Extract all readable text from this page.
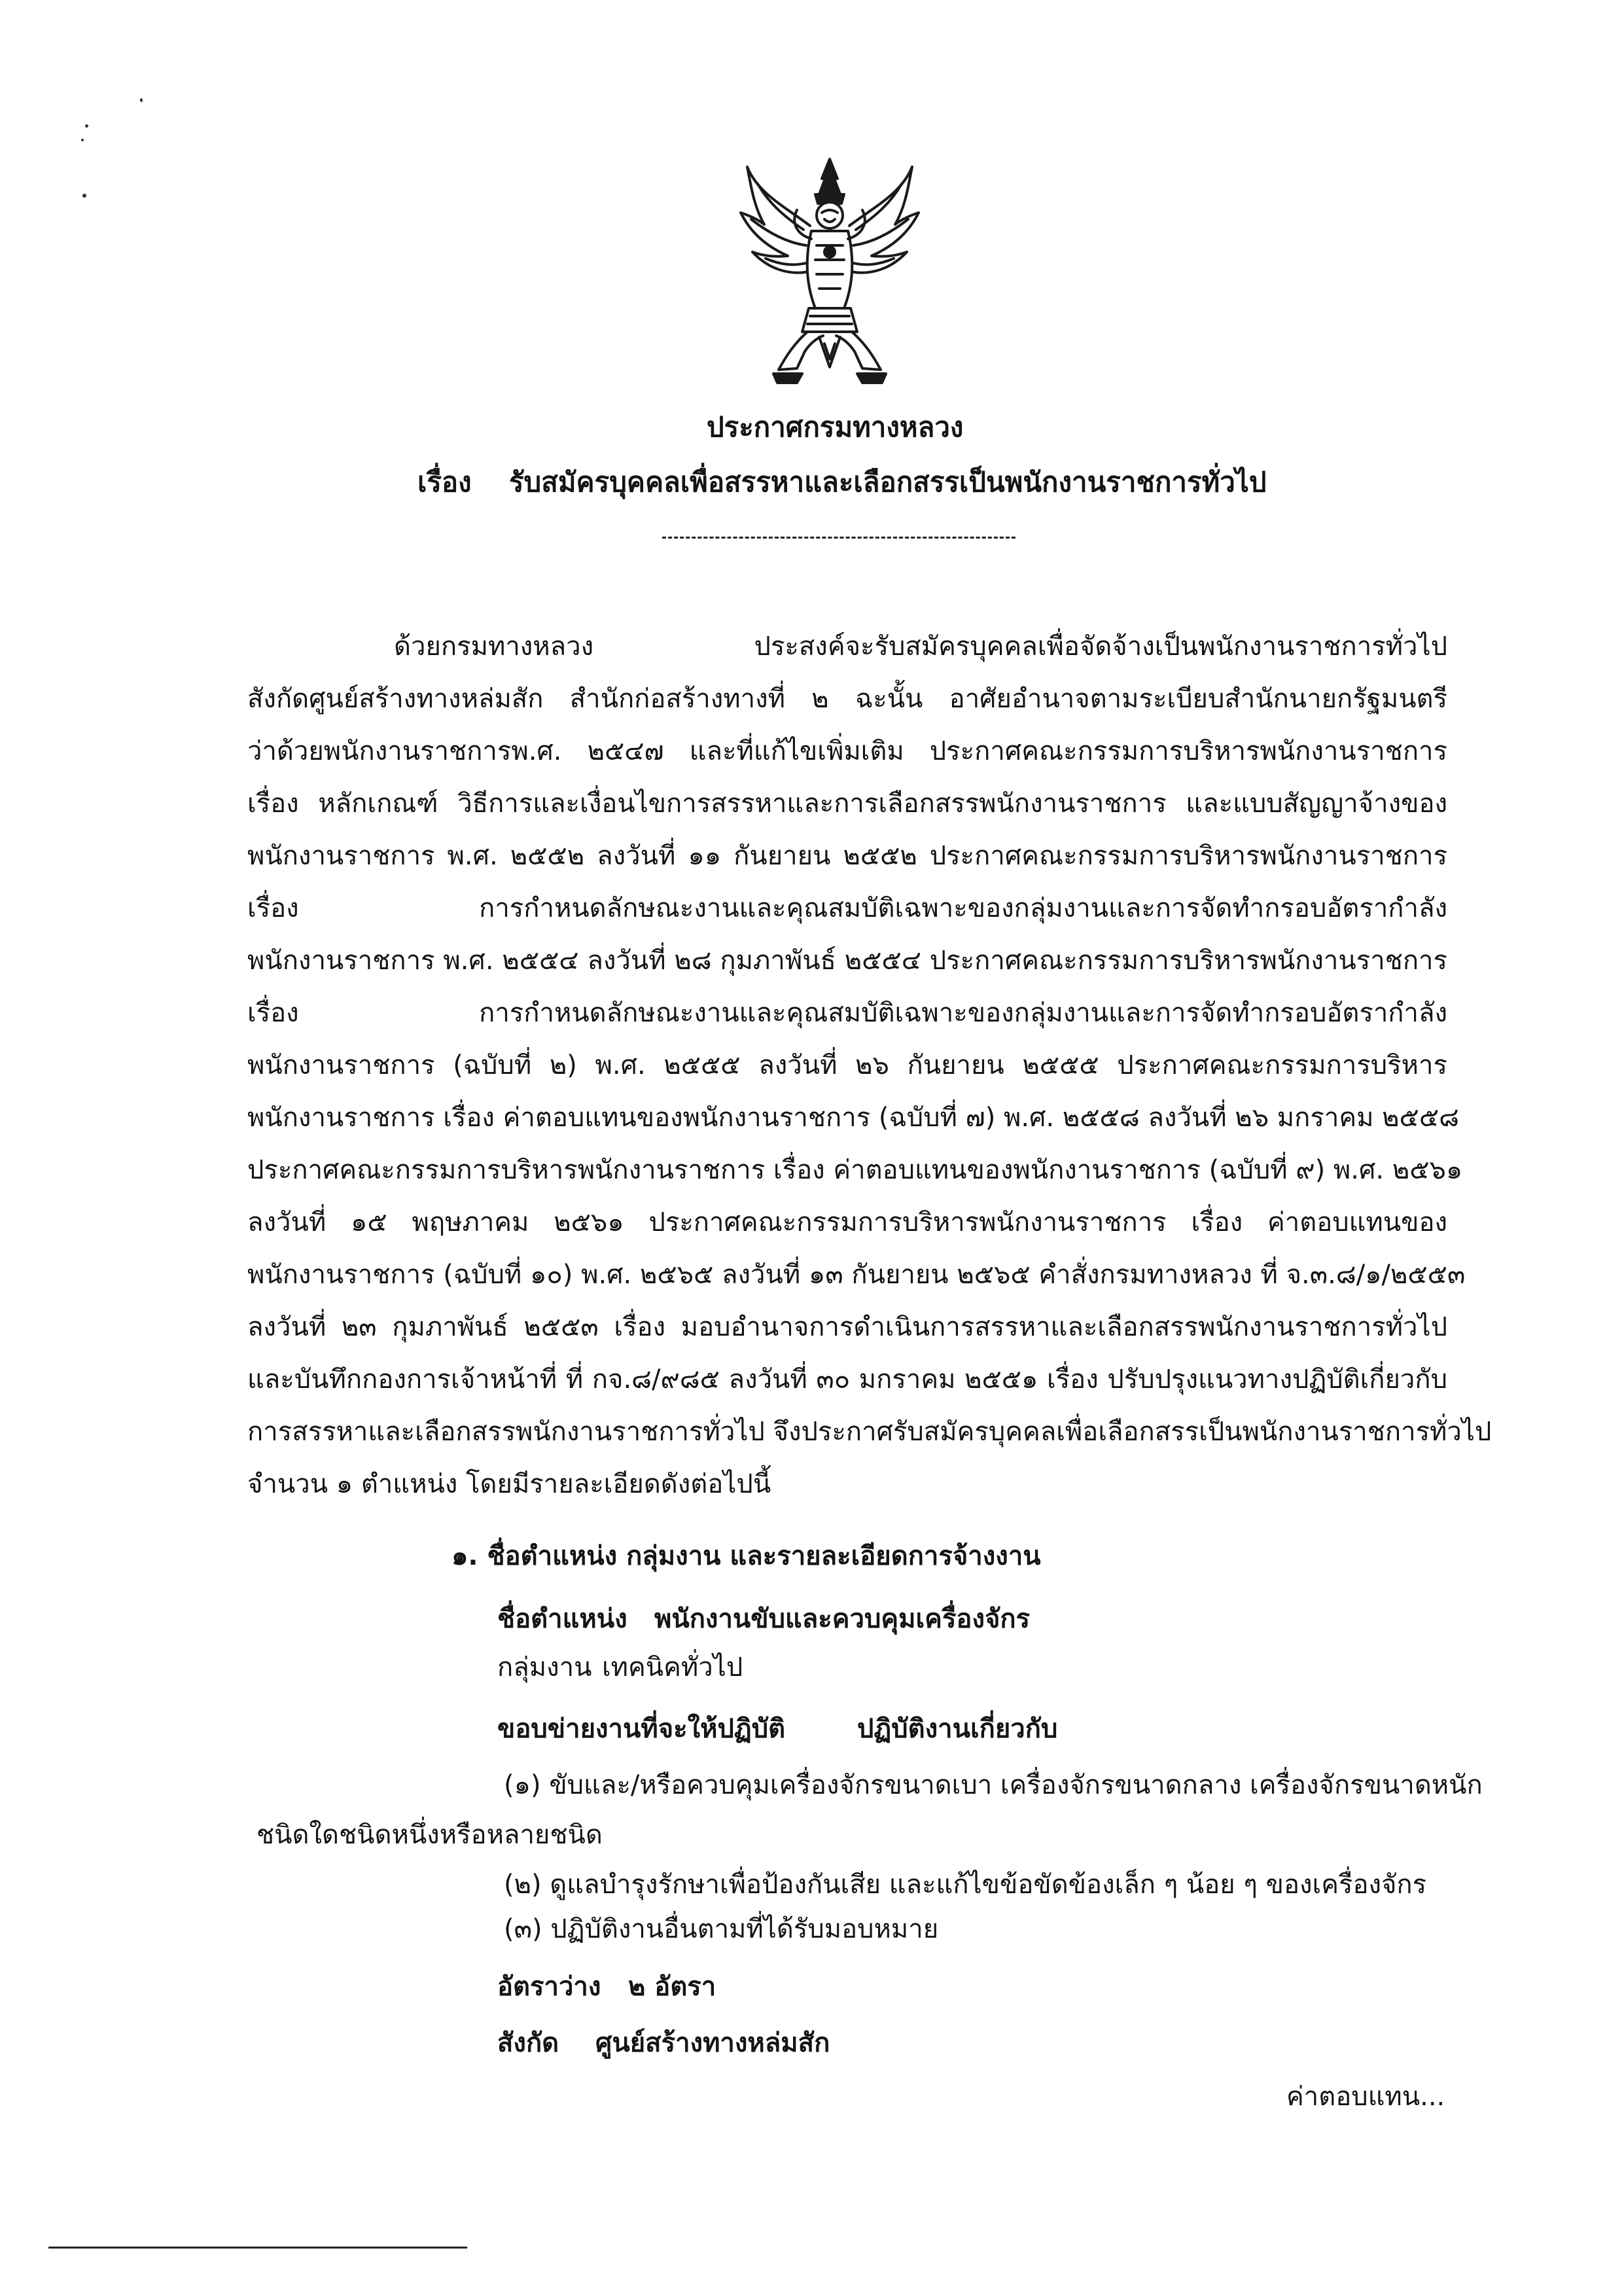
ประกาศกรมทางหลวง
เรื่อง รับสมัครบุคคลเพื่อสรรหาและเลือกสรรเป็นพนักงานราชการทั่วไป
ด้วยกรมทางหลวง ประสงค์จะรับสมัครบุคคลเพื่อจัดจ้างเป็นพนักงานราชการทั่วไป
สังกัดศูนย์สร้างทางหล่มสัก สำนักก่อสร้างทางที่ ๒ ฉะนั้น อาศัยอำนาจตามระเบียบสำนักนายกรัฐมนตรี
ว่าด้วยพนักงานราชการพ.ศ. ๒๕๔๗ และที่แก้ไขเพิ่มเติม ประกาศคณะกรรมการบริหารพนักงานราชการ
เรื่อง หลักเกณฑ์ วิธีการและเงื่อนไขการสรรหาและการเลือกสรรพนักงานราชการ และแบบสัญญาจ้างของ
พนักงานราชการ พ.ศ. ๒๕๕๒ ลงวันที่ ๑๑ กันยายน ๒๕๕๒ ประกาศคณะกรรมการบริหารพนักงานราชการ
เรื่อง การกำหนดลักษณะงานและคุณสมบัติเฉพาะของกลุ่มงานและการจัดทำกรอบอัตรากำลัง
พนักงานราชการ พ.ศ. ๒๕๕๔ ลงวันที่ ๒๘ กุมภาพันธ์ ๒๕๕๔ ประกาศคณะกรรมการบริหารพนักงานราชการ
เรื่อง การกำหนดลักษณะงานและคุณสมบัติเฉพาะของกลุ่มงานและการจัดทำกรอบอัตรากำลัง
พนักงานราชการ (ฉบับที่ ๒) พ.ศ. ๒๕๕๕ ลงวันที่ ๒๖ กันยายน ๒๕๕๕ ประกาศคณะกรรมการบริหาร
พนักงานราชการ เรื่อง ค่าตอบแทนของพนักงานราชการ (ฉบับที่ ๗) พ.ศ. ๒๕๕๘ ลงวันที่ ๒๖ มกราคม ๒๕๕๘
ประกาศคณะกรรมการบริหารพนักงานราชการ เรื่อง ค่าตอบแทนของพนักงานราชการ (ฉบับที่ ๙) พ.ศ. ๒๕๖๑
ลงวันที่ ๑๕ พฤษภาคม ๒๕๖๑ ประกาศคณะกรรมการบริหารพนักงานราชการ เรื่อง ค่าตอบแทนของ
พนักงานราชการ (ฉบับที่ ๑๐) พ.ศ. ๒๕๖๕ ลงวันที่ ๑๓ กันยายน ๒๕๖๕ คำสั่งกรมทางหลวง ที่ จ.๓.๘/๑/๒๕๕๓
ลงวันที่ ๒๓ กุมภาพันธ์ ๒๕๕๓ เรื่อง มอบอำนาจการดำเนินการสรรหาและเลือกสรรพนักงานราชการทั่วไป
และบันทึกกองการเจ้าหน้าที่ ที่ กจ.๘/๙๘๕ ลงวันที่ ๓๐ มกราคม ๒๕๕๑ เรื่อง ปรับปรุงแนวทางปฏิบัติเกี่ยวกับ
การสรรหาและเลือกสรรพนักงานราชการทั่วไป จึงประกาศรับสมัครบุคคลเพื่อเลือกสรรเป็นพนักงานราชการทั่วไป
จำนวน ๑ ตำแหน่ง โดยมีรายละเอียดดังต่อไปนี้
๑. ชื่อตำแหน่ง กลุ่มงาน และรายละเอียดการจ้างงาน
ชื่อตำแหน่ง พนักงานขับและควบคุมเครื่องจักร
กลุ่มงาน เทคนิคทั่วไป
ขอบข่ายงานที่จะให้ปฏิบัติ	ปฏิบัติงานเกี่ยวกับ
(๑) ขับและ/หรือควบคุมเครื่องจักรขนาดเบา เครื่องจักรขนาดกลาง เครื่องจักรขนาดหนัก
ชนิดใดชนิดหนึ่งหรือหลายชนิด
(๒) ดูแลบำรุงรักษาเพื่อป้องกันเสีย และแก้ไขข้อขัดข้องเล็ก ๆ น้อย ๆ ของเครื่องจักร
(๓) ปฏิบัติงานอื่นตามที่ได้รับมอบหมาย
อัตราว่าง ๒ อัตรา
สังกัด ศูนย์สร้างทางหล่มสัก
ค่าตอบแทน...
